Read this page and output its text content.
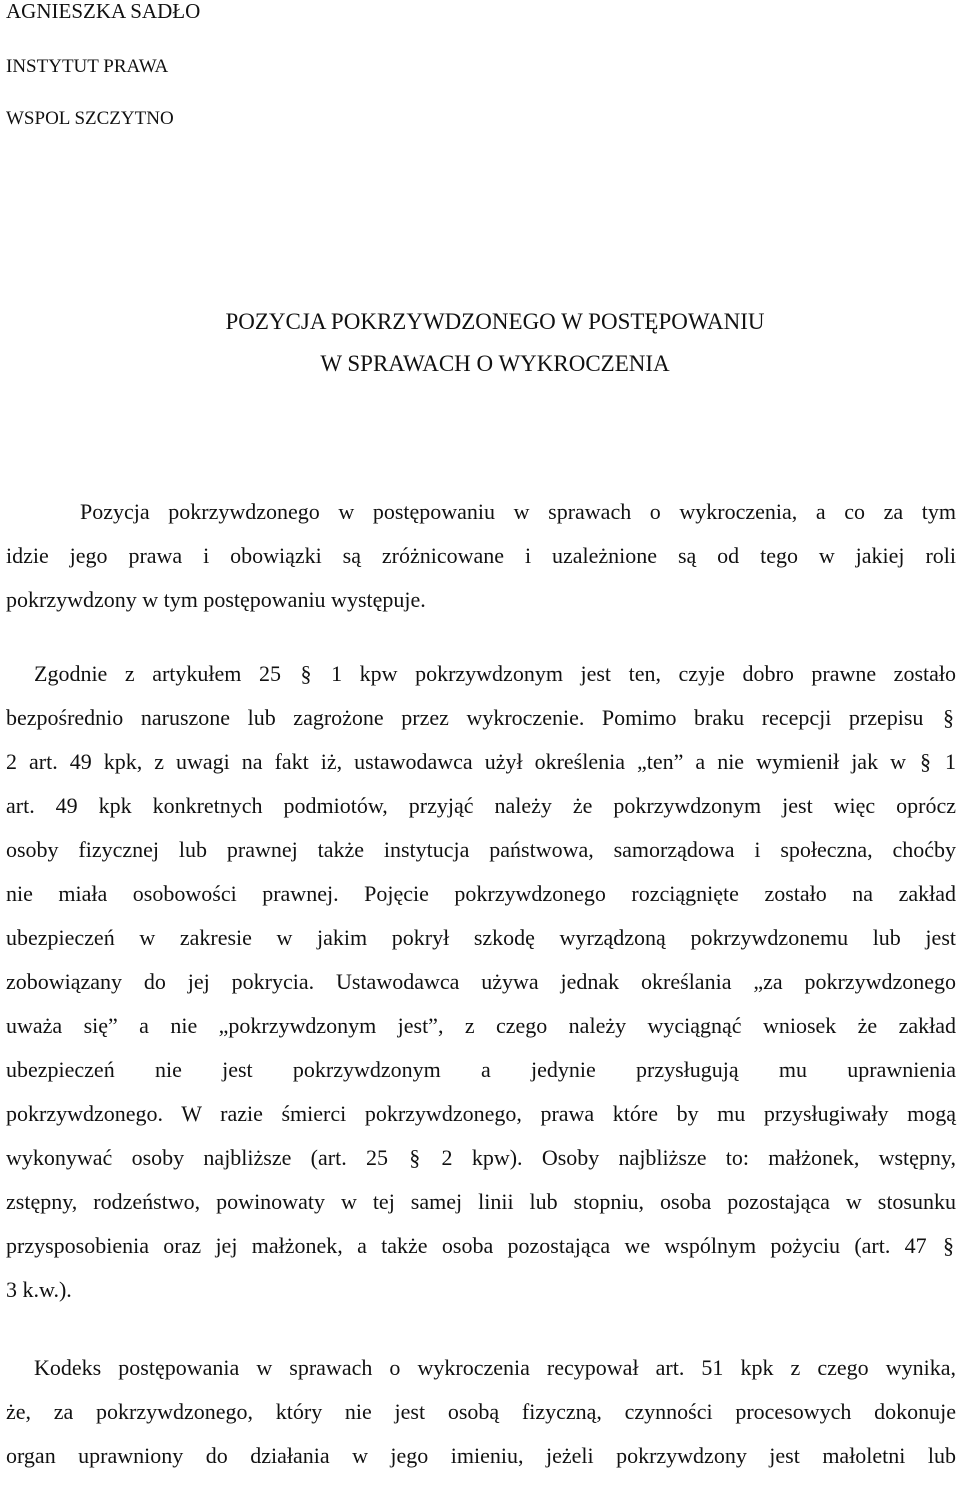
AGNIESZKA SADŁO

INSTYTUT PRAWA

WSPOL SZCZYTNO

POZYCJA POKRZYWDZONEGO W POSTĘPOWANIU

W SPRAWACH O WYKROCZENIA

Pozycja pokrzywdzonego w postępowaniu w sprawach o wykroczenia, a co za tym
idzie jego prawa i obowiązki są zróżnicowane i uzależnione są od tego w jakiej roli
pokrzywdzony w tym postępowaniu występuje.
Zgodnie z artykułem 25 § 1 kpw pokrzywdzonym jest ten, czyje dobro prawne zostało
bezpośrednio naruszone lub zagrożone przez wykroczenie. Pomimo braku recepcji przepisu §
2 art. 49 kpk, z uwagi na fakt iż, ustawodawca użył określenia „ten” a nie wymienił jak w § 1
art. 49 kpk konkretnych podmiotów, przyjąć należy że pokrzywdzonym jest więc oprócz
osoby fizycznej lub prawnej także instytucja państwowa, samorządowa i społeczna, choćby
nie miała osobowości prawnej. Pojęcie pokrzywdzonego rozciągnięte zostało na zakład
ubezpieczeń w zakresie w jakim pokrył szkodę wyrządzoną pokrzywdzonemu lub jest
zobowiązany do jej pokrycia. Ustawodawca używa jednak określania „za pokrzywdzonego
uważa się” a nie „pokrzywdzonym jest”, z czego należy wyciągnąć wniosek że zakład
ubezpieczeń nie jest pokrzywdzonym a jedynie przysługują mu uprawnienia
pokrzywdzonego. W razie śmierci pokrzywdzonego, prawa które by mu przysługiwały mogą
wykonywać osoby najbliższe (art. 25 § 2 kpw). Osoby najbliższe to: małżonek, wstępny,
zstępny, rodzeństwo, powinowaty w tej samej linii lub stopniu, osoba pozostająca w stosunku
przysposobienia oraz jej małżonek, a także osoba pozostająca we wspólnym pożyciu (art. 47 §
3 k.w.).
Kodeks postępowania w sprawach o wykroczenia recypował art. 51 kpk z czego wynika,
że, za pokrzywdzonego, który nie jest osobą fizyczną, czynności procesowych dokonuje
organ uprawniony do działania w jego imieniu, jeżeli pokrzywdzony jest małoletni lub
